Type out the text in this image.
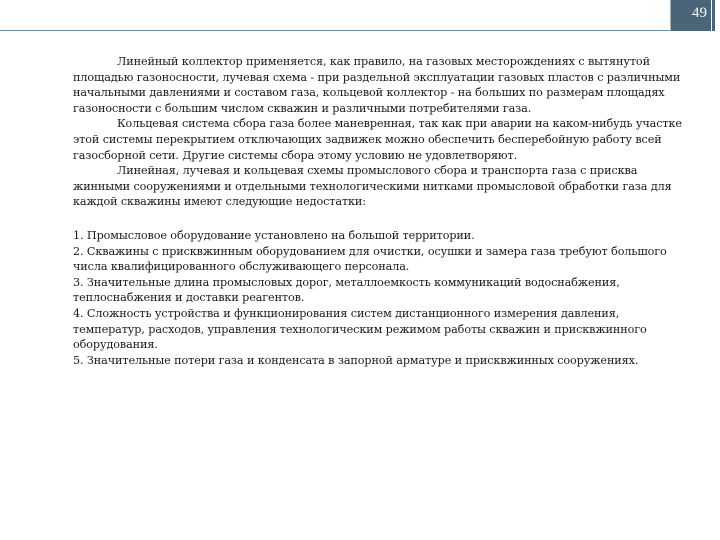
49

Линейный коллектор применяется, как правило, на газовых месторождениях с вытянутой площадью газоносности, лучевая схема - при раздельной эксплуатации газовых пластов с различными начальными давлениями и составом газа, кольцевой коллектор - на больших по размерам площадях газоносности с большим числом скважин и различными потребителями газа.

Кольцевая система сбора газа более маневренная, так как при аварии на каком-нибудь участке этой системы перекрытием отключающих задвижек можно обеспечить бесперебойную работу всей газосборной сети. Другие системы сбора этому условию не удовлетворяют.

Линейная, лучевая и кольцевая схемы промыслового сбора и транспорта газа с присква жинными сооружениями и отдельными технологическими нитками промысловой обработки газа для каждой скважины имеют следующие недостатки:

1. Промысловое оборудование установлено на большой территории.

2. Скважины с присквжинным оборудованием для очистки, осушки и замера газа требуют большого числа квалифицированного обслуживающего персонала.

3. Значительные длина промысловых дорог, металлоемкость коммуникаций водоснабжения, теплоснабжения и доставки реагентов.

4. Сложность устройства и функционирования систем дистанционного измерения давления, температур, расходов, управления технологическим режимом работы скважин и присквжинного оборудования.

5. Значительные потери газа и конденсата в запорной арматуре и присквжинных сооружениях.
